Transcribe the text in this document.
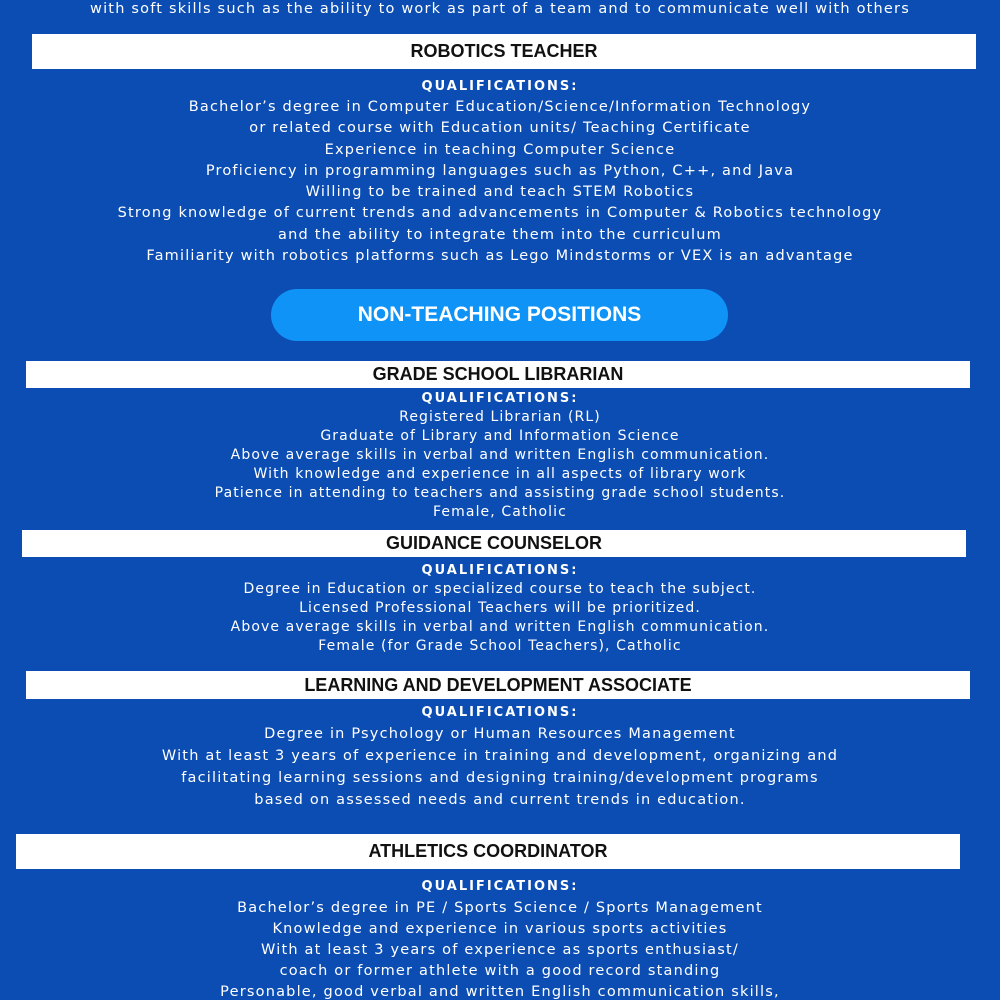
with soft skills such as the ability to work as part of a team and to communicate well with others
ROBOTICS TEACHER
QUALIFICATIONS:
Bachelor’s degree in Computer Education/Science/Information Technology
or related course with Education units/ Teaching Certificate
Experience in teaching Computer Science
Proficiency in programming languages such as Python, C++, and Java
Willing to be trained and teach STEM Robotics
Strong knowledge of current trends and advancements in Computer & Robotics technology
and the ability to integrate them into the curriculum
Familiarity with robotics platforms such as Lego Mindstorms or VEX is an advantage
NON-TEACHING POSITIONS
GRADE SCHOOL LIBRARIAN
QUALIFICATIONS:
Registered Librarian (RL)
Graduate of Library and Information Science
Above average skills in verbal and written English communication.
With knowledge and experience in all aspects of library work
Patience in attending to teachers and assisting grade school students.
Female, Catholic
GUIDANCE COUNSELOR
QUALIFICATIONS:
Degree in Education or specialized course to teach the subject.
Licensed Professional Teachers will be prioritized.
Above average skills in verbal and written English communication.
Female (for Grade School Teachers), Catholic
LEARNING AND DEVELOPMENT ASSOCIATE
QUALIFICATIONS:
Degree in Psychology or Human Resources Management
With at least 3 years of experience in training and development, organizing and
facilitating learning sessions and designing training/development programs
based on assessed needs and current trends in education.
ATHLETICS COORDINATOR
QUALIFICATIONS:
Bachelor’s degree in PE / Sports Science / Sports Management
Knowledge and experience in various sports activities
With at least 3 years of experience as sports enthusiast/
coach or former athlete with a good record standing
Personable, good verbal and written English communication skills,
